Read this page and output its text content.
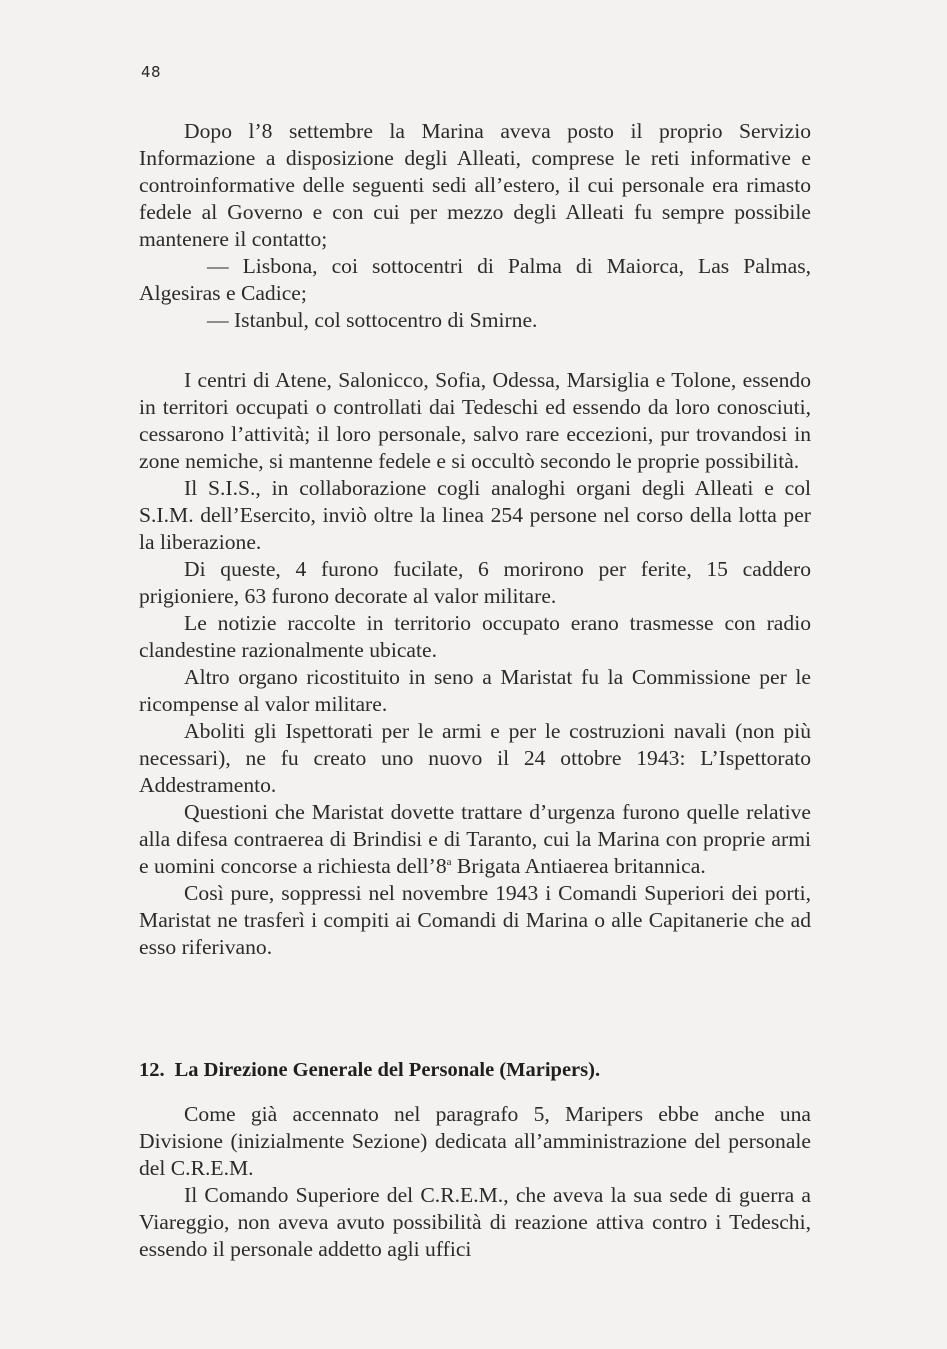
48

Dopo l’8 settembre la Marina aveva posto il proprio Servizio Informazione a disposizione degli Alleati, comprese le reti informative e controinformative delle seguenti sedi all’estero, il cui personale era rimasto fedele al Governo e con cui per mezzo degli Alleati fu sempre possibile mantenere il contatto;

— Lisbona, coi sottocentri di Palma di Maiorca, Las Palmas, Algesiras e Cadice;

— Istanbul, col sottocentro di Smirne.

I centri di Atene, Salonicco, Sofia, Odessa, Marsiglia e Tolone, essendo in territori occupati o controllati dai Tedeschi ed essendo da loro conosciuti, cessarono l’attività; il loro personale, salvo rare eccezioni, pur trovandosi in zone nemiche, si mantenne fedele e si occultò secondo le proprie possibilità.

Il S.I.S., in collaborazione cogli analoghi organi degli Alleati e col S.I.M. dell’Esercito, inviò oltre la linea 254 persone nel corso della lotta per la liberazione.

Di queste, 4 furono fucilate, 6 morirono per ferite, 15 caddero prigioniere, 63 furono decorate al valor militare.

Le notizie raccolte in territorio occupato erano trasmesse con radio clandestine razionalmente ubicate.

Altro organo ricostituito in seno a Maristat fu la Commissione per le ricompense al valor militare.

Aboliti gli Ispettorati per le armi e per le costruzioni navali (non più necessari), ne fu creato uno nuovo il 24 ottobre 1943: L’Ispettorato Addestramento.

Questioni che Maristat dovette trattare d’urgenza furono quelle relative alla difesa contraerea di Brindisi e di Taranto, cui la Marina con proprie armi e uomini concorse a richiesta dell’8$^a$ Brigata Antiaerea britannica.

Così pure, soppressi nel novembre 1943 i Comandi Superiori dei porti, Maristat ne trasferì i compiti ai Comandi di Marina o alle Capitanerie che ad esso riferivano.

12. La Direzione Generale del Personale (Maripers).

Come già accennato nel paragrafo 5, Maripers ebbe anche una Divisione (inizialmente Sezione) dedicata all’amministrazione del personale del C.R.E.M.

Il Comando Superiore del C.R.E.M., che aveva la sua sede di guerra a Viareggio, non aveva avuto possibilità di reazione attiva contro i Tedeschi, essendo il personale addetto agli uffici
